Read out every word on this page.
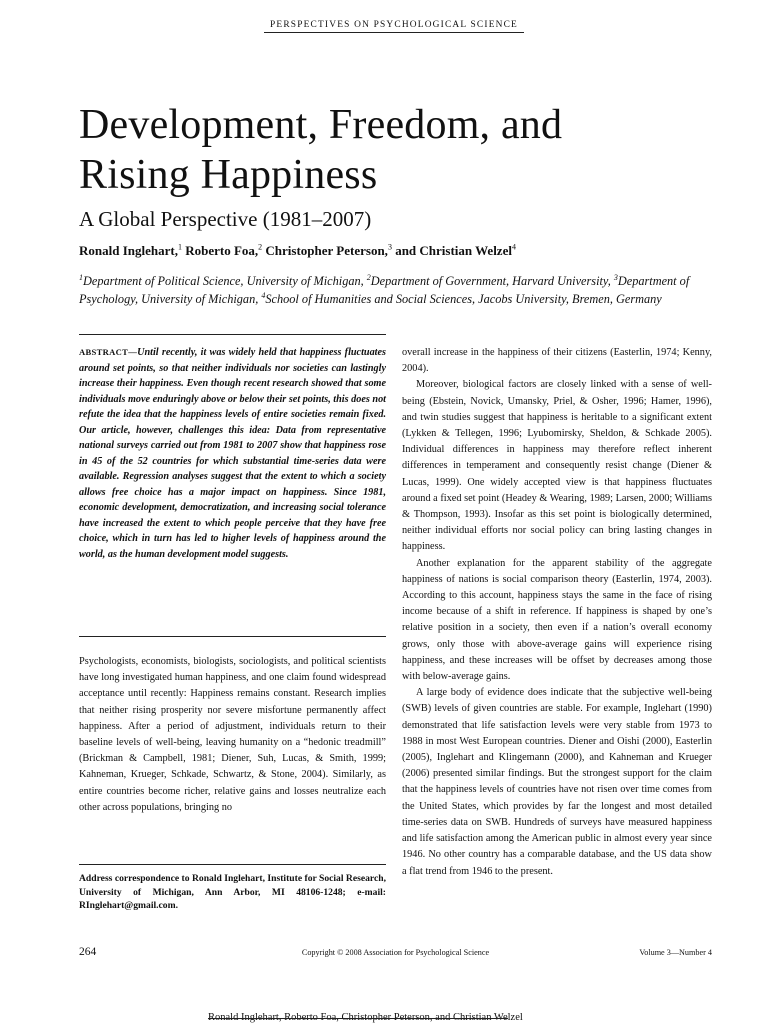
PERSPECTIVES ON PSYCHOLOGICAL SCIENCE
Development, Freedom, and
Rising Happiness
A Global Perspective (1981–2007)
Ronald Inglehart,$^1$ Roberto Foa,$^2$ Christopher Peterson,$^3$ and Christian Welzel$^4$
$^1$Department of Political Science, University of Michigan, $^2$Department of Government, Harvard University, $^3$Department of Psychology, University of Michigan, $^4$School of Humanities and Social Sciences, Jacobs University, Bremen, Germany
ABSTRACT—Until recently, it was widely held that happiness fluctuates around set points, so that neither individuals nor societies can lastingly increase their happiness. Even though recent research showed that some individuals move enduringly above or below their set points, this does not refute the idea that the happiness levels of entire societies remain fixed. Our article, however, challenges this idea: Data from representative national surveys carried out from 1981 to 2007 show that happiness rose in 45 of the 52 countries for which substantial time-series data were available. Regression analyses suggest that the extent to which a society allows free choice has a major impact on happiness. Since 1981, economic development, democratization, and increasing social tolerance have increased the extent to which people perceive that they have free choice, which in turn has led to higher levels of happiness around the world, as the human development model suggests.

Psychologists, economists, biologists, sociologists, and political scientists have long investigated human happiness, and one claim found widespread acceptance until recently: Happiness remains constant. Research implies that neither rising prosperity nor severe misfortune permanently affect happiness. After a period of adjustment, individuals return to their baseline levels of well-being, leaving humanity on a “hedonic treadmill” (Brickman & Campbell, 1981; Diener, Suh, Lucas, & Smith, 1999; Kahneman, Krueger, Schkade, Schwartz, & Stone, 2004). Similarly, as entire countries become richer, relative gains and losses neutralize each other across populations, bringing no

Address correspondence to Ronald Inglehart, Institute for Social Research, University of Michigan, Ann Arbor, MI 48106-1248; e-mail: RInglehart@gmail.com.

overall increase in the happiness of their citizens (Easterlin, 1974; Kenny, 2004).

Moreover, biological factors are closely linked with a sense of well-being (Ebstein, Novick, Umansky, Priel, & Osher, 1996; Hamer, 1996), and twin studies suggest that happiness is heritable to a significant extent (Lykken & Tellegen, 1996; Lyubomirsky, Sheldon, & Schkade 2005). Individual differences in happiness may therefore reflect inherent differences in temperament and consequently resist change (Diener & Lucas, 1999). One widely accepted view is that happiness fluctuates around a fixed set point (Headey & Wearing, 1989; Larsen, 2000; Williams & Thompson, 1993). Insofar as this set point is biologically determined, neither individual efforts nor social policy can bring lasting changes in happiness.

Another explanation for the apparent stability of the aggregate happiness of nations is social comparison theory (Easterlin, 1974, 2003). According to this account, happiness stays the same in the face of rising income because of a shift in reference. If happiness is shaped by one’s relative position in a society, then even if a nation’s overall economy grows, only those with above-average gains will experience rising happiness, and these increases will be offset by decreases among those with below-average gains.

A large body of evidence does indicate that the subjective well-being (SWB) levels of given countries are stable. For example, Inglehart (1990) demonstrated that life satisfaction levels were very stable from 1973 to 1988 in most West European countries. Diener and Oishi (2000), Easterlin (2005), Inglehart and Klingemann (2000), and Kahneman and Krueger (2006) presented similar findings. But the strongest support for the claim that the happiness levels of countries have not risen over time comes from the United States, which provides by far the longest and most detailed time-series data on SWB. Hundreds of surveys have measured happiness and life satisfaction among the American public in almost every year since 1946. No other country has a comparable database, and the US data show a flat trend from 1946 to the present.

264	Copyright © 2008 Association for Psychological Science	Volume 3—Number 4
Ronald Inglehart, Roberto Foa, Christopher Peterson, and Christian Welzel
